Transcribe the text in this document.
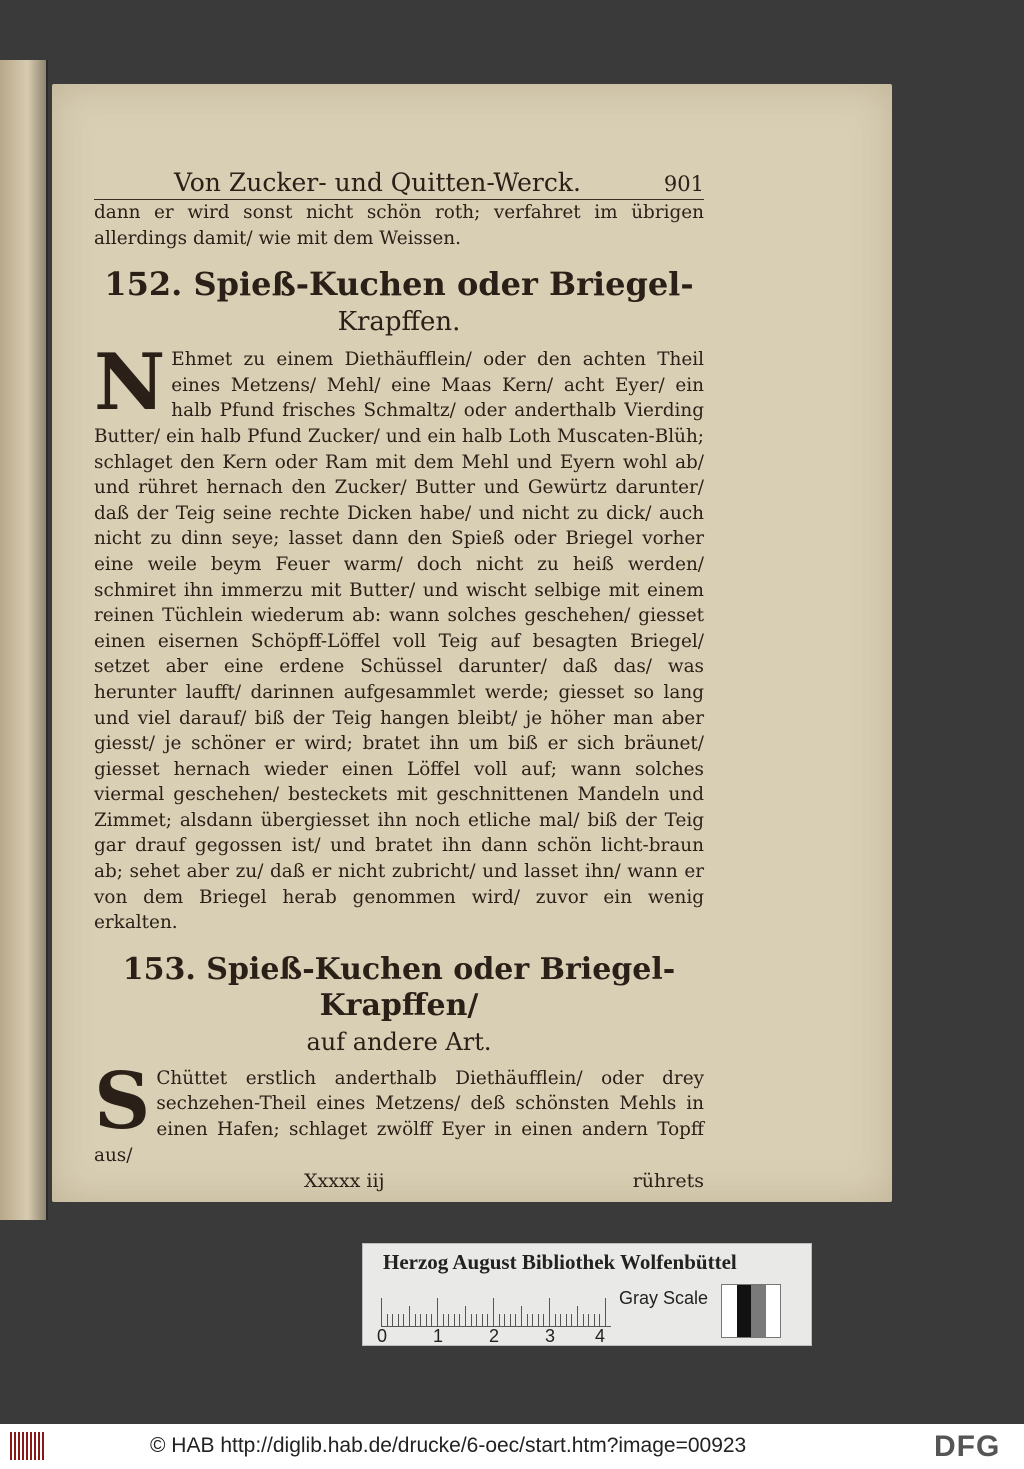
Von Zucker- und Quitten-Werck.	901

dann er wird sonst nicht schön roth; verfahret im übrigen allerdings damit/ wie mit dem Weissen.

152. Spieß-Kuchen oder Briegel-
Krapffen.

N Ehmet zu einem Diethäufflein/ oder den achten Theil eines Metzens/ Mehl/ eine Maas Kern/ acht Eyer/ ein halb Pfund frisches Schmaltz/ oder anderthalb Vierding Butter/ ein halb Pfund Zucker/ und ein halb Loth Muscaten-Blüh; schlaget den Kern oder Ram mit dem Mehl und Eyern wohl ab/ und rühret hernach den Zucker/ Butter und Gewürtz darunter/ daß der Teig seine rechte Dicken habe/ und nicht zu dick/ auch nicht zu dinn seye; lasset dann den Spieß oder Briegel vorher eine weile beym Feuer warm/ doch nicht zu heiß werden/ schmiret ihn immerzu mit Butter/ und wischt selbige mit einem reinen Tüchlein wiederum ab: wann solches geschehen/ giesset einen eisernen Schöpff-Löffel voll Teig auf besagten Briegel/ setzet aber eine erdene Schüssel darunter/ daß das/ was herunter laufft/ darinnen aufgesammlet werde; giesset so lang und viel darauf/ biß der Teig hangen bleibt/ je höher man aber giesst/ je schöner er wird; bratet ihn um biß er sich bräunet/ giesset hernach wieder einen Löffel voll auf; wann solches viermal geschehen/ besteckets mit geschnittenen Mandeln und Zimmet; alsdann übergiesset ihn noch etliche mal/ biß der Teig gar drauf gegossen ist/ und bratet ihn dann schön licht-braun ab; sehet aber zu/ daß er nicht zubricht/ und lasset ihn/ wann er von dem Briegel herab genommen wird/ zuvor ein wenig erkalten.

153. Spieß-Kuchen oder Briegel-Krapffen/
auf andere Art.

S Chüttet erstlich anderthalb Diethäufflein/ oder drey sechzehen-Theil eines Metzens/ deß schönsten Mehls in einen Hafen; schlaget zwölff Eyer in einen andern Topff aus/

Xxxxx iij	rührets
Herzog August Bibliothek Wolfenbüttel
0	1	2	3 4
Gray Scale
© HAB http://diglib.hab.de/drucke/6-oec/start.htm?image=00923	DFG
